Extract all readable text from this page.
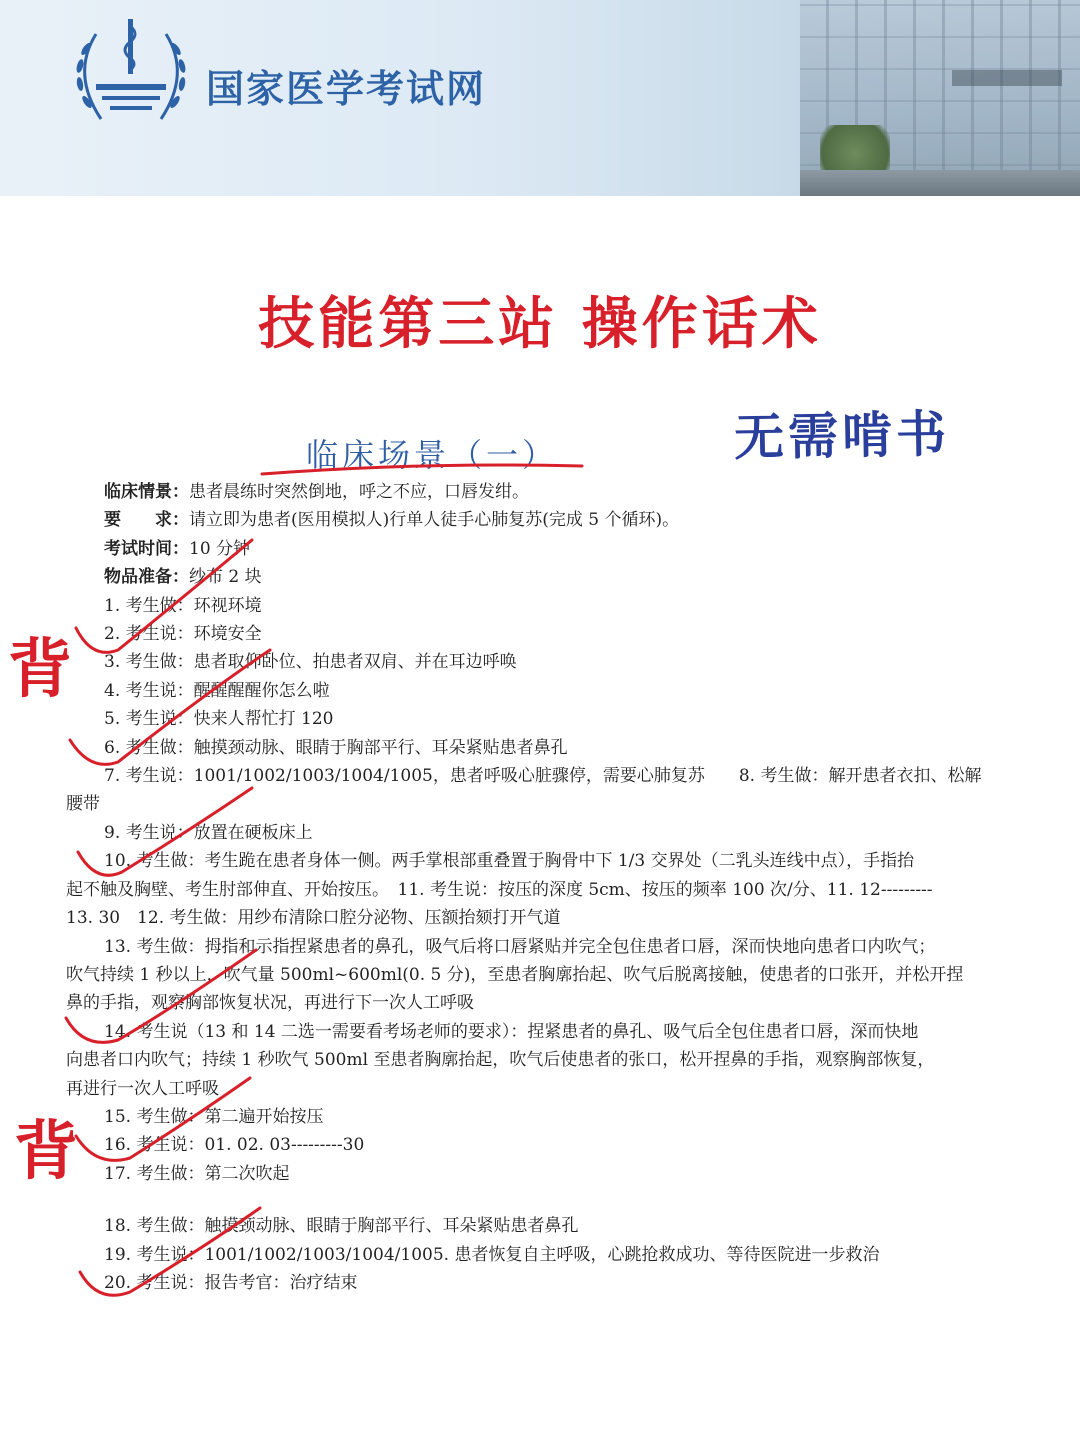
国家医学考试网
技能第三站 操作话术
无需啃书
临床场景（一）
临床情景：患者晨练时突然倒地，呼之不应，口唇发绀。
要　　求：请立即为患者(医用模拟人)行单人徒手心肺复苏(完成 5 个循环)。
考试时间：10 分钟
物品准备：纱布 2 块
1. 考生做：环视环境
2. 考生说：环境安全
3. 考生做：患者取仰卧位、拍患者双肩、并在耳边呼唤
4. 考生说：醒醒醒醒你怎么啦
5. 考生说：快来人帮忙打 120
6. 考生做：触摸颈动脉、眼睛于胸部平行、耳朵紧贴患者鼻孔
7. 考生说：1001/1002/1003/1004/1005，患者呼吸心脏骤停，需要心肺复苏　　8. 考生做：解开患者衣扣、松解
腰带
9. 考生说：放置在硬板床上
10. 考生做：考生跪在患者身体一侧。两手掌根部重叠置于胸骨中下 1/3 交界处（二乳头连线中点），手指抬
起不触及胸壁、考生肘部伸直、开始按压。　11. 考生说：按压的深度 5cm、按压的频率 100 次/分、11. 12---------
13. 30　12. 考生做：用纱布清除口腔分泌物、压额抬颏打开气道
13. 考生做：拇指和示指捏紧患者的鼻孔，吸气后将口唇紧贴并完全包住患者口唇，深而快地向患者口内吹气；
吹气持续 1 秒以上，吹气量 500ml~600ml(0. 5 分)，至患者胸廓抬起、吹气后脱离接触，使患者的口张开，并松开捏
鼻的手指，观察胸部恢复状况，再进行下一次人工呼吸
14. 考生说（13 和 14 二选一需要看考场老师的要求）：捏紧患者的鼻孔、吸气后全包住患者口唇，深而快地
向患者口内吹气；持续 1 秒吹气 500ml 至患者胸廓抬起，吹气后使患者的张口，松开捏鼻的手指，观察胸部恢复，
再进行一次人工呼吸
15. 考生做：第二遍开始按压
16. 考生说：01. 02. 03---------30
17. 考生做：第二次吹起
18. 考生做：触摸颈动脉、眼睛于胸部平行、耳朵紧贴患者鼻孔
19. 考生说：1001/1002/1003/1004/1005. 患者恢复自主呼吸，心跳抢救成功、等待医院进一步救治
20. 考生说：报告考官：治疗结束
背
背
